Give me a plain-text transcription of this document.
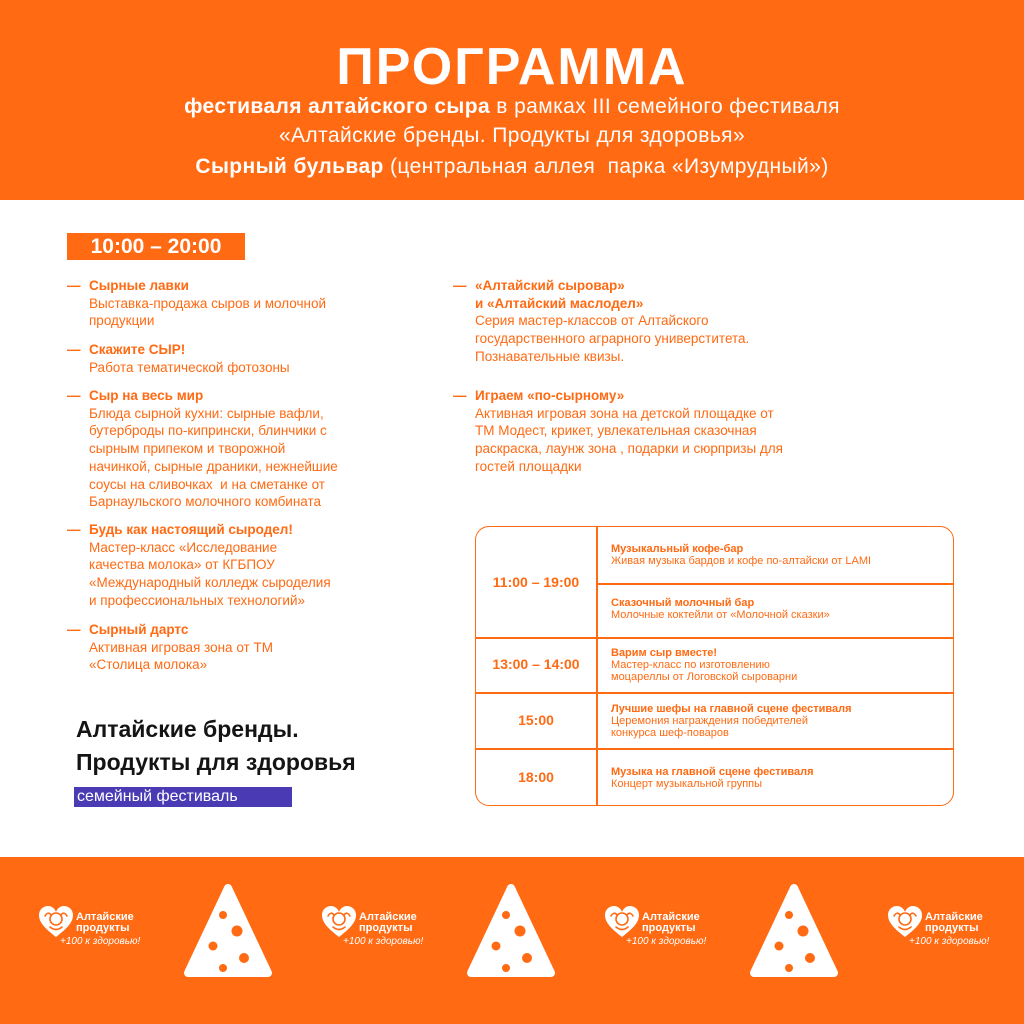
ПРОГРАММА
фестиваля алтайского сыра в рамках III семейного фестиваля
«Алтайские бренды. Продукты для здоровья»
Сырный бульвар (центральная аллея  парка «Изумрудный»)
10:00 – 20:00
— Сырные лавки
Выставка-продажа сыров и молочной
продукции
— Скажите СЫР!
Работа тематической фотозоны
— Сыр на весь мир
Блюда сырной кухни: сырные вафли,
бутерброды по-кипрински, блинчики с
сырным припеком и творожной
начинкой, сырные драники, нежнейшие
соусы на сливочках  и на сметанке от
Барнаульского молочного комбината
— Будь как настоящий сыродел!
Мастер-класс «Исследование
качества молока» от КГБПОУ
«Международный колледж сыроделия
и профессиональных технологий»
— Сырный дартс
Активная игровая зона от ТМ
«Столица молока»
— «Алтайский сыровар»
и «Алтайский маслодел»
Серия мастер-классов от Алтайского
государственного аграрного универститета.
Познавательные квизы.
— Играем «по-сырному»
Активная игровая зона на детской площадке от
ТМ Модест, крикет, увлекательная сказочная
раскраска, лаунж зона , подарки и сюрпризы для
гостей площадки
11:00 – 19:00
Музыкальный кофе-бар
Живая музыка бардов и кофе по-алтайски от LAMI
Сказочный молочный бар
Молочные коктейли от «Молочной сказки»
13:00 – 14:00
Варим сыр вместе!
Мастер-класс по изготовлению
моцареллы от Логовской сыроварни
15:00
Лучшие шефы на главной сцене фестиваля
Церемония награждения победителей
конкурса шеф-поваров
18:00	Музыка на главной сцене фестиваля
Концерт музыкальной группы
Алтайские бренды.
Продукты для здоровья
семейный фестиваль
Алтайские
продукты
+100 к здоровью!
Алтайские
продукты
+100 к здоровью!
Алтайские
продукты
+100 к здоровью!
Алтайские
продукты
+100 к здоровью!
